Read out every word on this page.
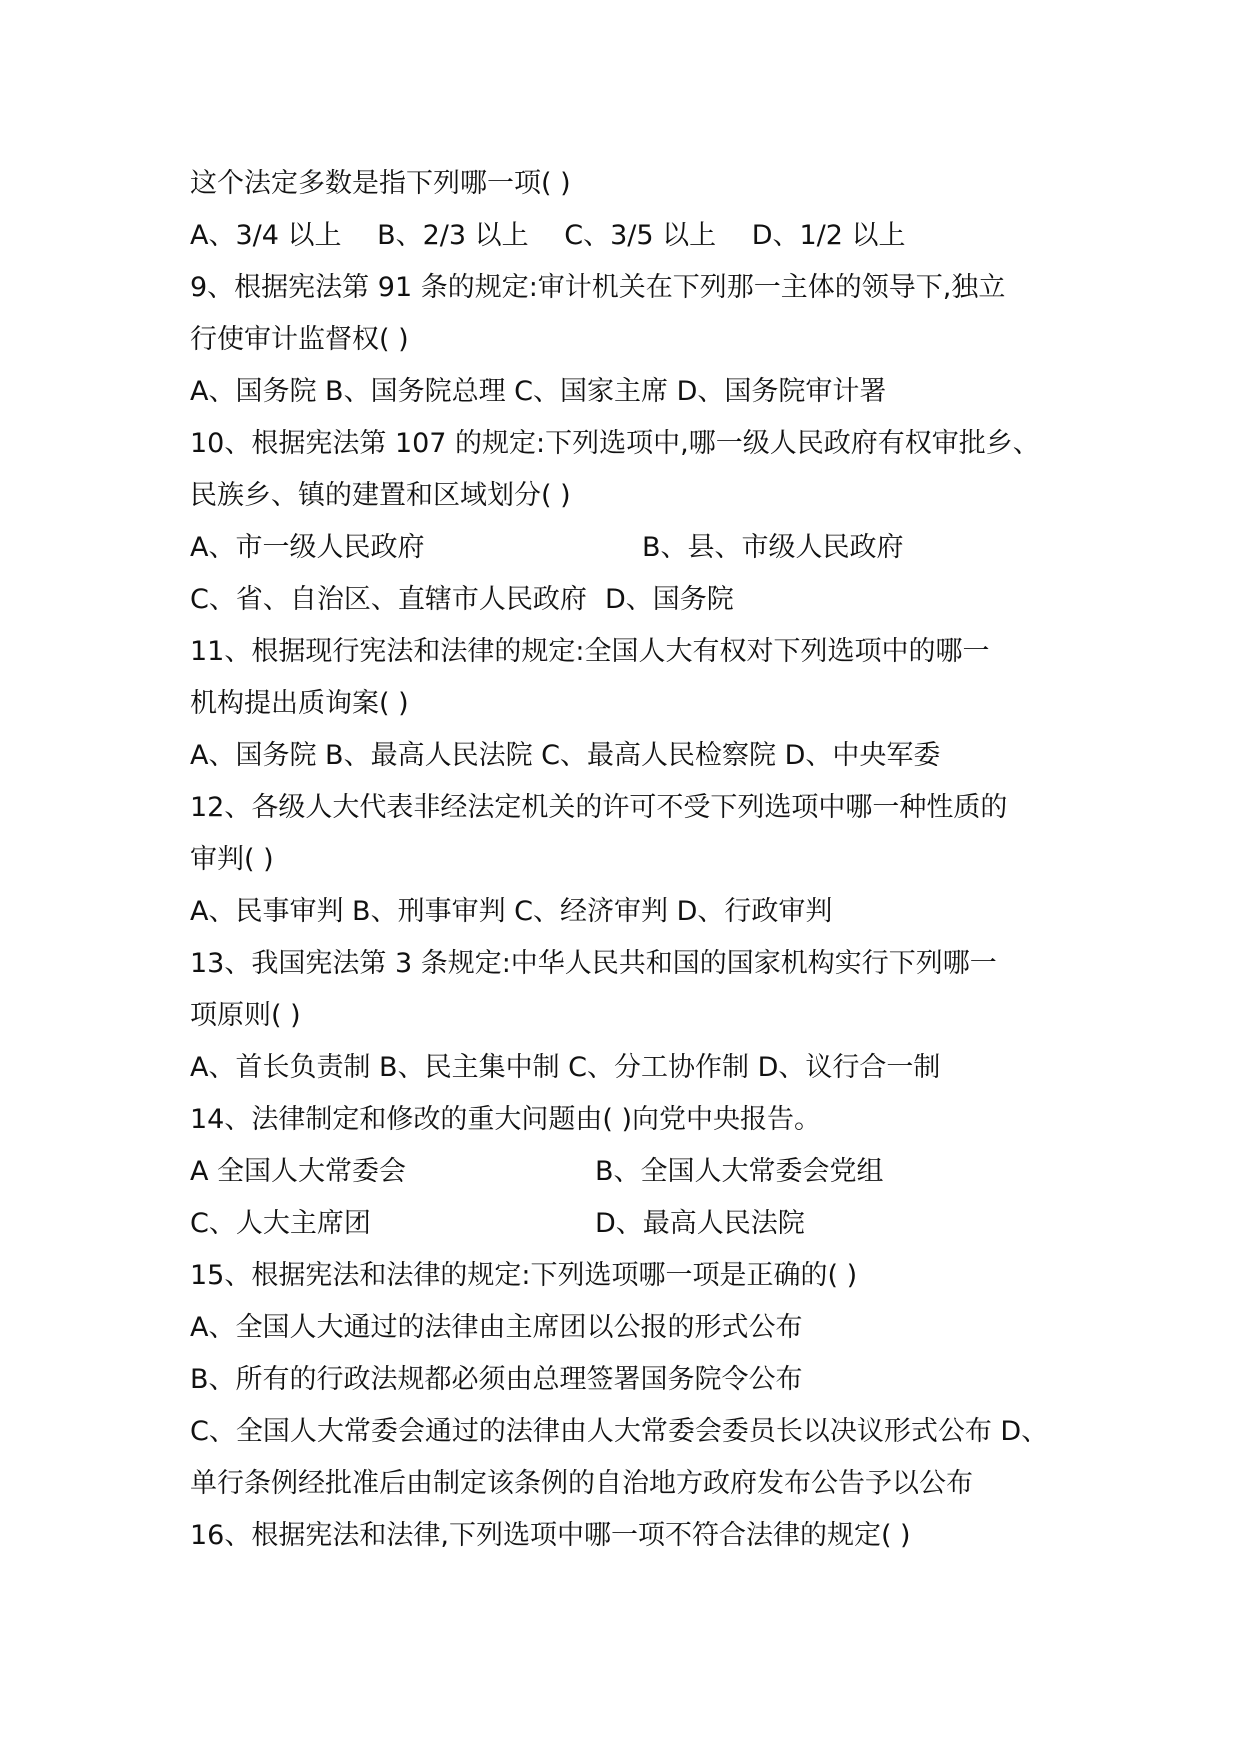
这个法定多数是指下列哪一项( )
A、3/4 以上　 B、2/3 以上　 C、3/5 以上　 D、1/2 以上
9、根据宪法第 91 条的规定:审计机关在下列那一主体的领导下,独立
行使审计监督权( )
A、国务院 B、国务院总理 C、国家主席 D、国务院审计署
10、根据宪法第 107 的规定:下列选项中,哪一级人民政府有权审批乡、
民族乡、镇的建置和区域划分( )
A、市一级人民政府	B、县、市级人民政府
C、省、自治区、直辖市人民政府 D、国务院
11、根据现行宪法和法律的规定:全国人大有权对下列选项中的哪一
机构提出质询案( )
A、国务院 B、最高人民法院 C、最高人民检察院 D、中央军委
12、各级人大代表非经法定机关的许可不受下列选项中哪一种性质的
审判( )
A、民事审判 B、刑事审判 C、经济审判 D、行政审判
13、我国宪法第 3 条规定:中华人民共和国的国家机构实行下列哪一
项原则( )
A、首长负责制 B、民主集中制 C、分工协作制 D、议行合一制
14、法律制定和修改的重大问题由( )向党中央报告。
A 全国人大常委会	B、全国人大常委会党组
C、人大主席团	D、最高人民法院
15、根据宪法和法律的规定:下列选项哪一项是正确的( )
A、全国人大通过的法律由主席团以公报的形式公布
B、所有的行政法规都必须由总理签署国务院令公布
C、全国人大常委会通过的法律由人大常委会委员长以决议形式公布 D、
单行条例经批准后由制定该条例的自治地方政府发布公告予以公布
16、根据宪法和法律,下列选项中哪一项不符合法律的规定( )
